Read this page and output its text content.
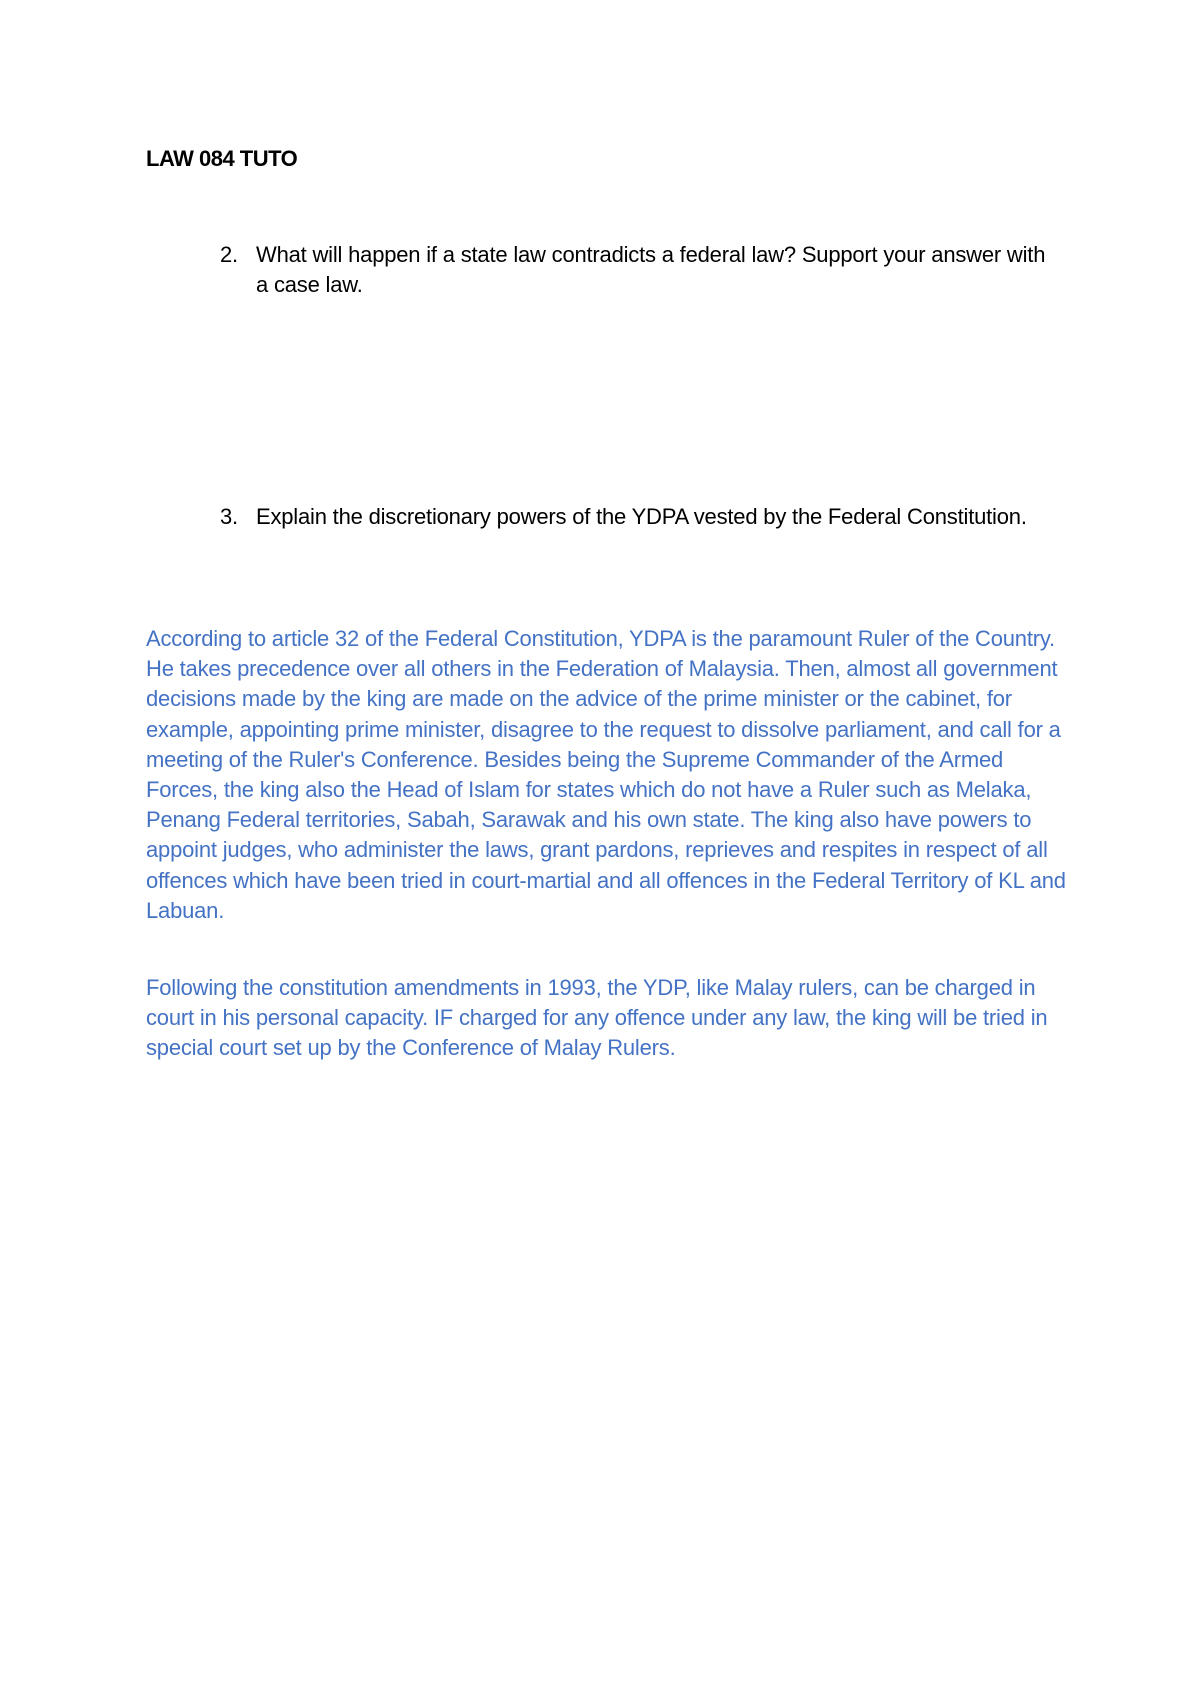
LAW 084 TUTO
2. What will happen if a state law contradicts a federal law? Support your answer with a case law.
3. Explain the discretionary powers of the YDPA vested by the Federal Constitution.

According to article 32 of the Federal Constitution, YDPA is the paramount Ruler of the Country. He takes precedence over all others in the Federation of Malaysia. Then, almost all government decisions made by the king are made on the advice of the prime minister or the cabinet, for example, appointing prime minister, disagree to the request to dissolve parliament, and call for a meeting of the Ruler's Conference. Besides being the Supreme Commander of the Armed Forces, the king also the Head of Islam for states which do not have a Ruler such as Melaka, Penang Federal territories, Sabah, Sarawak and his own state. The king also have powers to appoint judges, who administer the laws, grant pardons, reprieves and respites in respect of all offences which have been tried in court-martial and all offences in the Federal Territory of KL and Labuan.

Following the constitution amendments in 1993, the YDP, like Malay rulers, can be charged in court in his personal capacity. IF charged for any offence under any law, the king will be tried in special court set up by the Conference of Malay Rulers.
